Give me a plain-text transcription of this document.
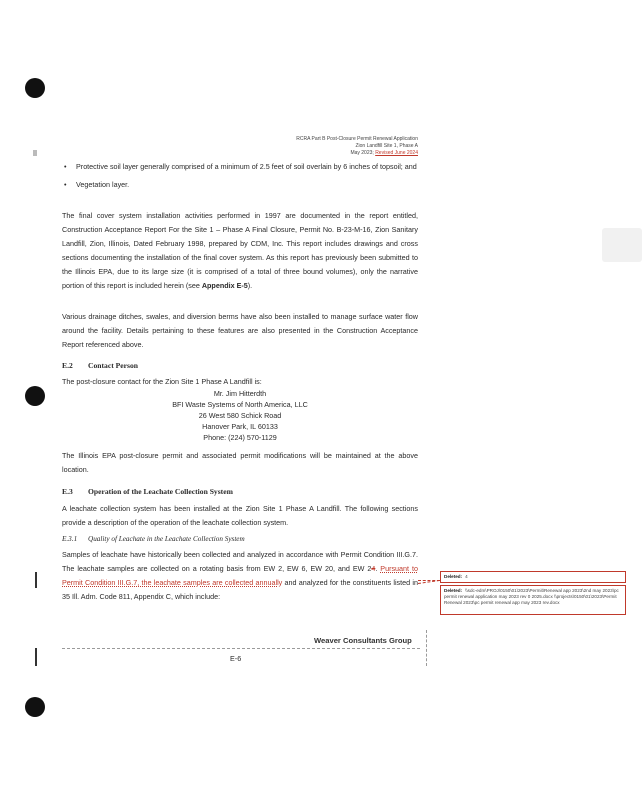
RCRA Part B Post-Closure Permit Renewal Application
Zion Landfill Site 1, Phase A
May 2023; Revised June 2024
• Protective soil layer generally comprised of a minimum of 2.5 feet of soil overlain by 6 inches of topsoil; and
• Vegetation layer.

The final cover system installation activities performed in 1997 are documented in the report entitled, Construction Acceptance Report For the Site 1 – Phase A Final Closure, Permit No. B-23-M-16, Zion Sanitary Landfill, Zion, Illinois, Dated February 1998, prepared by CDM, Inc. This report includes drawings and cross sections documenting the installation of the final cover system. As this report has previously been submitted to the Illinois EPA, due to its large size (it is comprised of a total of three bound volumes), only the narrative portion of this report is included herein (see Appendix E-5).

Various drainage ditches, swales, and diversion berms have also been installed to manage surface water flow around the facility. Details pertaining to these features are also presented in the Construction Acceptance Report referenced above.

E.2 Contact Person

The post-closure contact for the Zion Site 1 Phase A Landfill is:

Mr. Jim Hitterdth
BFI Waste Systems of North America, LLC
26 West 580 Schick Road
Hanover Park, IL 60133
Phone: (224) 570-1129

The Illinois EPA post-closure permit and associated permit modifications will be maintained at the above location.

E.3 Operation of the Leachate Collection System

A leachate collection system has been installed at the Zion Site 1 Phase A Landfill. The following sections provide a description of the operation of the leachate collection system.

E.3.1 Quality of Leachate in the Leachate Collection System

Samples of leachate have historically been collected and analyzed in accordance with Permit Condition III.G.7. The leachate samples are collected on a rotating basis from EW 2, EW 6, EW 20, and EW 24. Pursuant to Permit Condition III.G.7, the leachate samples are collected annually and analyzed for the constituents listed in 35 Ill. Adm. Code 811, Appendix C, which include:

Deleted: 4
Deleted: \\sdc-edm\PROJ\0150\01\2023\Permit\Renewal app 2023\2nd may 2023\pc permit renewal application may 2023 rev 0 2025.docx \\projects\0150\01\2023\Permit Renewal 2023\pc permit renewal app may 2023 rev.docx
Weaver Consultants Group
E-6
